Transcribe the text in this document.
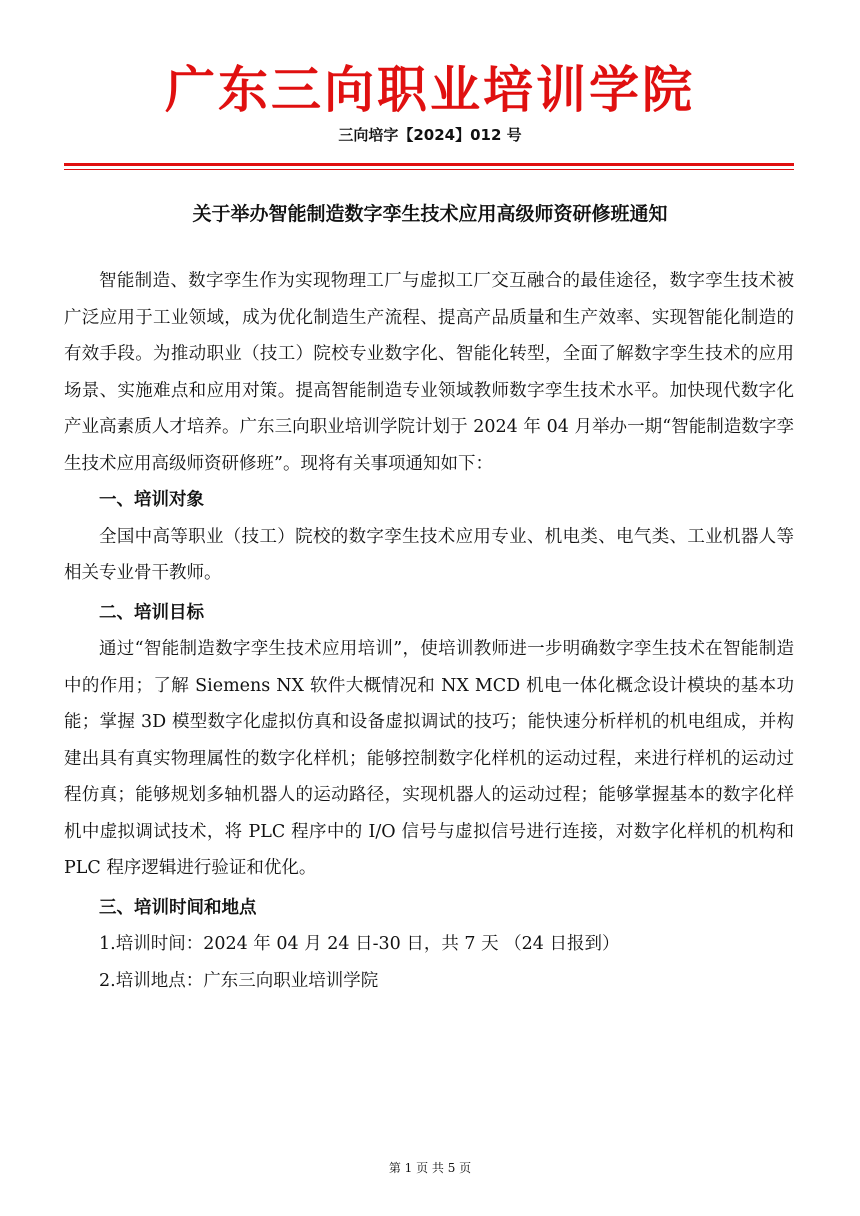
广东三向职业培训学院
三向培字【2024】012 号
关于举办智能制造数字孪生技术应用高级师资研修班通知

智能制造、数字孪生作为实现物理工厂与虚拟工厂交互融合的最佳途径，数字孪生技术被广泛应用于工业领域，成为优化制造生产流程、提高产品质量和生产效率、实现智能化制造的有效手段。为推动职业（技工）院校专业数字化、智能化转型，全面了解数字孪生技术的应用场景、实施难点和应用对策。提高智能制造专业领域教师数字孪生技术水平。加快现代数字化产业高素质人才培养。广东三向职业培训学院计划于 2024 年 04 月举办一期“智能制造数字孪生技术应用高级师资研修班”。现将有关事项通知如下：

一、培训对象

全国中高等职业（技工）院校的数字孪生技术应用专业、机电类、电气类、工业机器人等相关专业骨干教师。

二、培训目标

通过“智能制造数字孪生技术应用培训”，使培训教师进一步明确数字孪生技术在智能制造中的作用；了解 Siemens NX 软件大概情况和 NX MCD 机电一体化概念设计模块的基本功能；掌握 3D 模型数字化虚拟仿真和设备虚拟调试的技巧；能快速分析样机的机电组成，并构建出具有真实物理属性的数字化样机；能够控制数字化样机的运动过程，来进行样机的运动过程仿真；能够规划多轴机器人的运动路径，实现机器人的运动过程；能够掌握基本的数字化样机中虚拟调试技术，将 PLC 程序中的 I/O 信号与虚拟信号进行连接，对数字化样机的机构和 PLC 程序逻辑进行验证和优化。

三、培训时间和地点

1.培训时间：2024 年 04 月 24 日-30 日，共 7 天 （24 日报到）

2.培训地点：广东三向职业培训学院

第 1 页 共 5 页
